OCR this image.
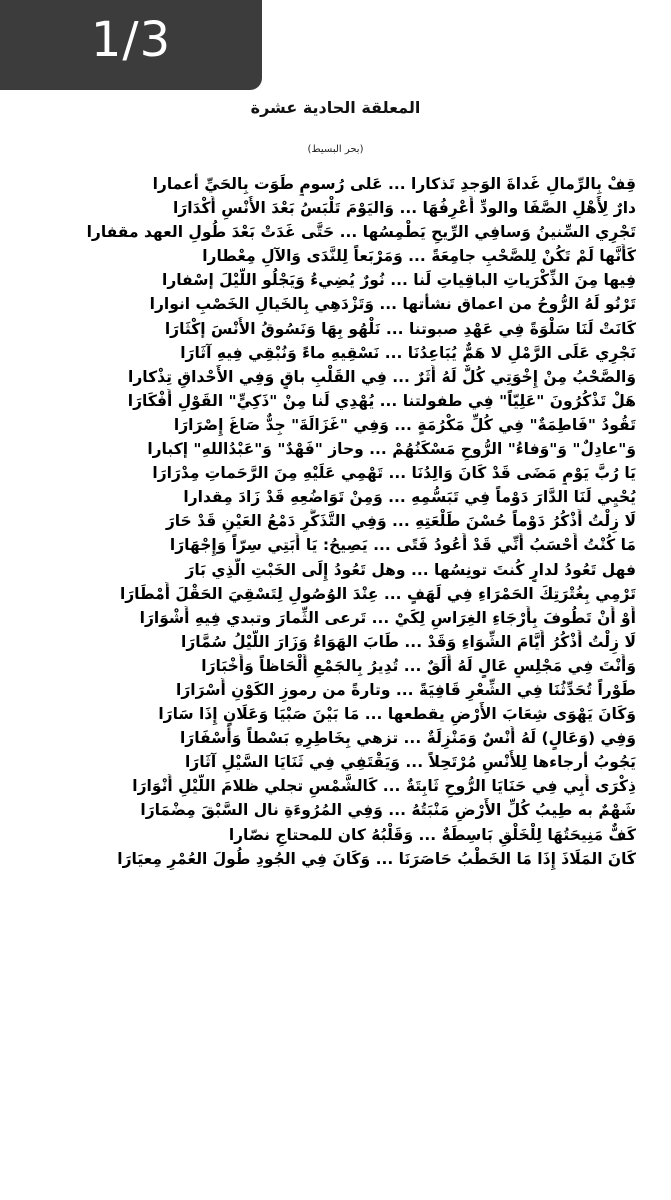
1/3
المعلقة الحادية عشرة
(بحر البسيط)
قِفْ بِالرِّمالِ غَداةَ الوَجدِ تَذكارا ... عَلى رُسومٍ طَوَت بِالحَيِّ أعمارا
دارٌ لِأَهْلِ الصَّفَا والودِّ أَعْرِفُهَا ... وَاليَوْمَ تَلْبَسُ بَعْدَ الأُنْسِ أَكْدَارَا
تَجْرِي السِّنينُ وَسافِي الرِّيحِ يَطْمِسُها ... حَتَّى غَدَتْ بَعْدَ طُولِ العهد مقفارا
كَأَنَّها لَمْ تَكُنْ لِلصَّحْبِ جامِعَةً ... وَمَرْبَعاً لِلنَّدَى وَالآلِ مِعْطارا
فِيها مِنَ الذِّكْرَياتِ الباقِياتِ لَنا ... نُورٌ يُضِيءُ وَيَجْلُو اللَّيْلَ إسْفارا
تَرْنُو لَهُ الرُّوحُ من اعماق نشأتها ... وَتَزْدَهِي بِالخَيالِ الخَصْبِ انوارا
كَانَتْ لَنَا سَلْوَةً فِي عَهْدِ صبوتنا ... نَلْهُو بِهَا وَنَسُوقُ الأُنْسَ إكْثَارَا
نَجْرِي عَلَى الرَّمْلِ لا هَمٌّ يُبَاعِدُنَا ... نَسْقِيهِ ماءً وَنُبْقِي فِيهِ آثَارَا
وَالصَّحْبُ مِنْ إِخْوَتِي كُلٌّ لَهُ أَثَرٌ ... فِي القَلْبِ باقٍ وَفِي الأَحْداقِ تِذْكارا
هَلْ تَذْكُرُونَ "عَلِيّاً" فِي طفولتنا ... يُهْدِي لَنا مِنْ "ذَكِيٍّ" القَوْلِ أَفْكَارَا
تَقُودُ "فَاطِمَةٌ" فِي كُلِّ مَكْرُمَةٍ ... وَفِي "غَزَالَةَ" جِدٌّ صَاغَ إِصْرَارَا
وَ"عادِلٌ" وَ"وَفاءُ" الرُّوحِ مَسْكَنُهُمْ ... وحاز "فَهْدٌ" وَ"عَبْدُاللهِ" إكبارا
يَا رُبَّ يَوْمٍ مَضَى قَدْ كَانَ وَالِدُنَا ... تَهْمِي عَلَيْهِ مِنَ الرَّحَماتِ مِدْرَارَا
يُحْيِي لَنَا الدَّارَ دَوْماً فِي تَبَسُّمِهِ ... وَمِنْ تَوَاضُعِهِ قَدْ زَادَ مِقدارا
لَا زِلْتُ أَذْكُرُ دَوْماً حُسْنَ طَلْعَتِهِ ... وَفِي التَّذَكُّرِ دَمْعُ العَيْنِ قَدْ حَارَ
مَا كُنْتُ أَحْسَبُ أَنِّي قَدْ أَعُودُ فَتًى ... يَصِيحُ: يَا أَبَتِي سِرّاً وَإِجْهَارَا
فهل تَعُودُ لدارٍ كُنتَ تونِسُها ... وهل تَعُودُ إِلَى الخَبْتِ الَّذِي بَارَ
تَرْمِي بِغُتْرَتِكَ الحَمْرَاءِ فِي لَهَفٍ ... عِنْدَ الوُصُولِ لِتَسْقِيَ الحَقْلَ أَمْطَارَا
أَوْ أَنْ تَطُوفَ بِأَرْجَاءِ الغِرَاسِ لِكَيْ ... تَرعى الثِّمارَ وتبدي فِيهِ أَشْوَارَا
لَا زِلْتُ أَذْكُرُ أَيَّامَ الشِّوَاءِ وَقَدْ ... طَابَ الهَوَاءُ وَزَارَ اللَّيْلُ سُمَّارَا
وَأَنْتَ فِي مَجْلِسٍ عَالٍ لَهُ أَلَقٌ ... تُدِيرُ بِالجَمْعِ أَلْحَاظاً وَأَخْبَارَا
طَوْراً تُحَدِّثُنَا فِي الشِّعْرِ قَافِيَةً ... وتارةً من رموزِ الكَوْنِ أَسْرَارَا
وَكَانَ يَهْوَى شِعَابَ الأَرْضِ يقطعها ... مَا بَيْنَ صَبْيَا وَعَلَانٍ إِذَا سَارَا
وَفِي (وَعَالٍ) لَهُ أُنْسٌ وَمَنْزِلَةٌ ... تزهي بِخَاطِرِهِ بَسْطاً وَأَسْفَارَا
يَجُوبُ أرجاءها لِلأُنْسِ مُرْتَحِلاً ... وَيَقْتَفِي فِي ثَنَايَا السَّيْلِ آثَارَا
ذِكْرَى أَبِي فِي حَنَايَا الرُّوحِ ثَابِتَةٌ ... كَالشَّمْسِ تجلي ظلامَ اللَّيْلِ أَنْوَارَا
شَهْمٌ به طِيبُ كُلِّ الأَرْضِ مَنْبَتُهُ ... وَفِي المُرُوءَةِ نال السَّبْقَ مِضْمَارَا
كَفٌّ مَنِيحَتُهَا لِلْخَلْقِ بَاسِطَةٌ ... وَقَلْبُهُ كان للمحتاجِ نصّارا
كَانَ المَلَاذَ إِذَا مَا الخَطْبُ حَاصَرَنَا ... وَكَانَ فِي الجُودِ طُولَ العُمْرِ مِعيَارَا
